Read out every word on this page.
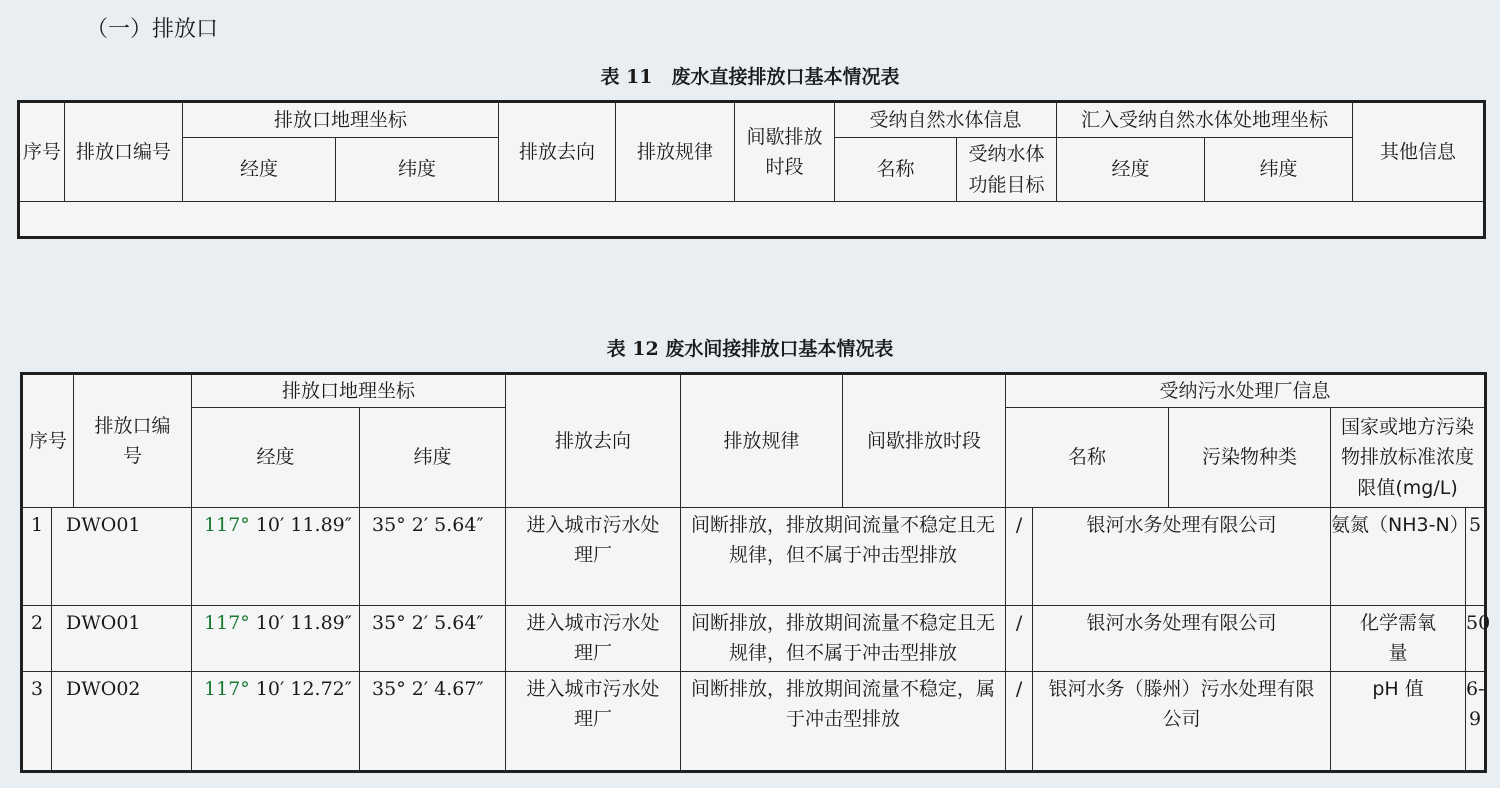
（一）排放口
表 11　废水直接排放口基本情况表
序号	排放口编号	排放口地理坐标		排放去向	排放规律	间歇排放时段	受纳自然水体信息		汇入受纳自然水体处地理坐标		其他信息
		经度	纬度				名称	受纳水体功能目标	经度	纬度	

表 12 废水间接排放口基本情况表
序号		排放口编号	排放口地理坐标		排放去向	排放规律	间歇排放时段	受纳污水处理厂信息				
			经度	纬度				名称		污染物种类	国家或地方污染物排放标准浓度限值(mg/L)	
1	DWO01		117° 10′ 11.89″	35° 2′ 5.64″	进入城市污水处理厂	间断排放，排放期间流量不稳定且无规律，但不属于冲击型排放		/	银河水务处理有限公司		氨氮（NH3-N）	5
2	DWO01		117° 10′ 11.89″	35° 2′ 5.64″	进入城市污水处理厂	间断排放，排放期间流量不稳定且无规律，但不属于冲击型排放		/	银河水务处理有限公司		化学需氧量	50
3	DWO02		117° 10′ 12.72″	35° 2′ 4.67″	进入城市污水处理厂	间断排放，排放期间流量不稳定，属于冲击型排放		/	银河水务（滕州）污水处理有限公司		pH 值	6-9
